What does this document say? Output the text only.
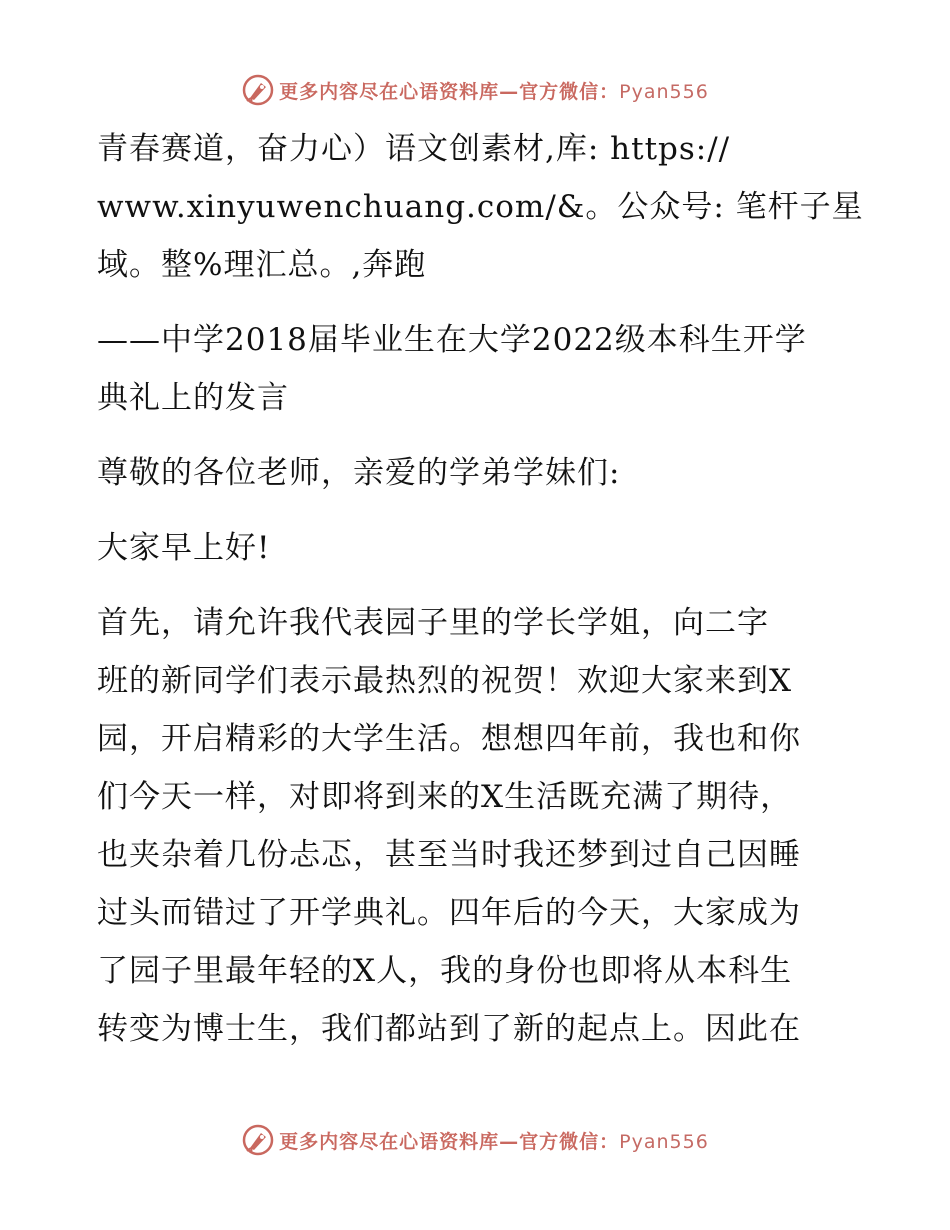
更多内容尽在心语资料库—官方微信：Pyan556
青春赛道，奋力心）语文创素材,库: https://
www.xinyuwenchuang.com/&。公众号: 笔杆子星
域。整%理汇总。,奔跑
——中学2018届毕业生在大学2022级本科生开学
典礼上的发言
尊敬的各位老师，亲爱的学弟学妹们:
大家早上好!
首先，请允许我代表园子里的学长学姐，向二字
班的新同学们表示最热烈的祝贺！欢迎大家来到X
园，开启精彩的大学生活。想想四年前，我也和你
们今天一样，对即将到来的X生活既充满了期待，
也夹杂着几份忐忑，甚至当时我还梦到过自己因睡
过头而错过了开学典礼。四年后的今天，大家成为
了园子里最年轻的X人，我的身份也即将从本科生
转变为博士生，我们都站到了新的起点上。因此在
更多内容尽在心语资料库—官方微信：Pyan556
